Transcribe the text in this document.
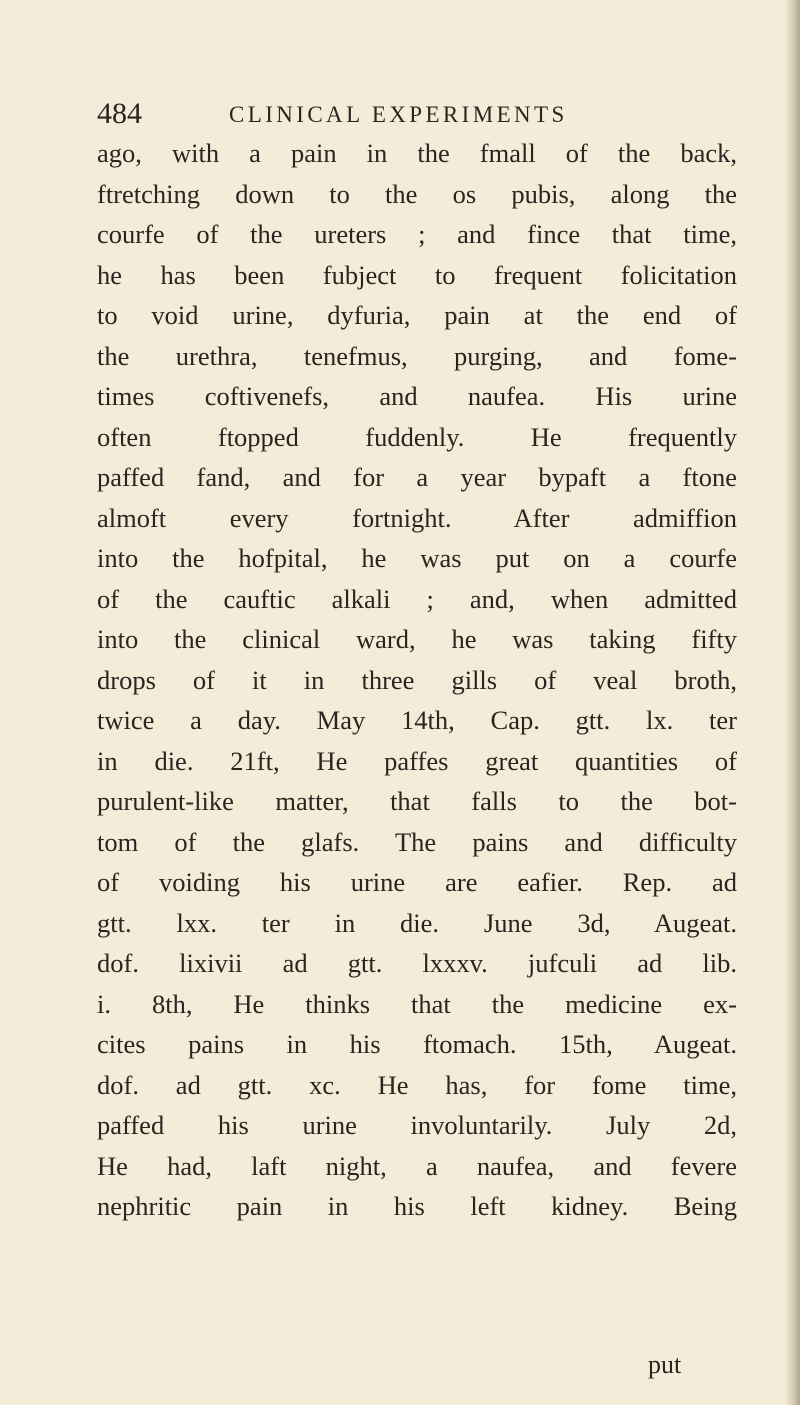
484	CLINICAL EXPERIMENTS
ago, with a pain in the fmall of the back,
ftretching down to the os pubis, along the
courfe of the ureters ; and fince that time,
he has been fubject to frequent folicitation
to void urine, dyfuria, pain at the end of
the urethra, tenefmus, purging, and fome-
times coftivenefs, and naufea. His urine
often ftopped fuddenly. He frequently
paffed fand, and for a year bypaft a ftone
almoft every fortnight. After admiffion
into the hofpital, he was put on a courfe
of the cauftic alkali ; and, when admitted
into the clinical ward, he was taking fifty
drops of it in three gills of veal broth,
twice a day. May 14th, Cap. gtt. lx. ter
in die. 21ft, He paffes great quantities of
purulent-like matter, that falls to the bot-
tom of the glafs. The pains and difficulty
of voiding his urine are eafier. Rep. ad
gtt. lxx. ter in die. June 3d, Augeat.
dof. lixivii ad gtt. lxxxv. jufculi ad lib.
i. 8th, He thinks that the medicine ex-
cites pains in his ftomach. 15th, Augeat.
dof. ad gtt. xc. He has, for fome time,
paffed his urine involuntarily. July 2d,
He had, laft night, a naufea, and fevere
nephritic pain in his left kidney. Being
put
